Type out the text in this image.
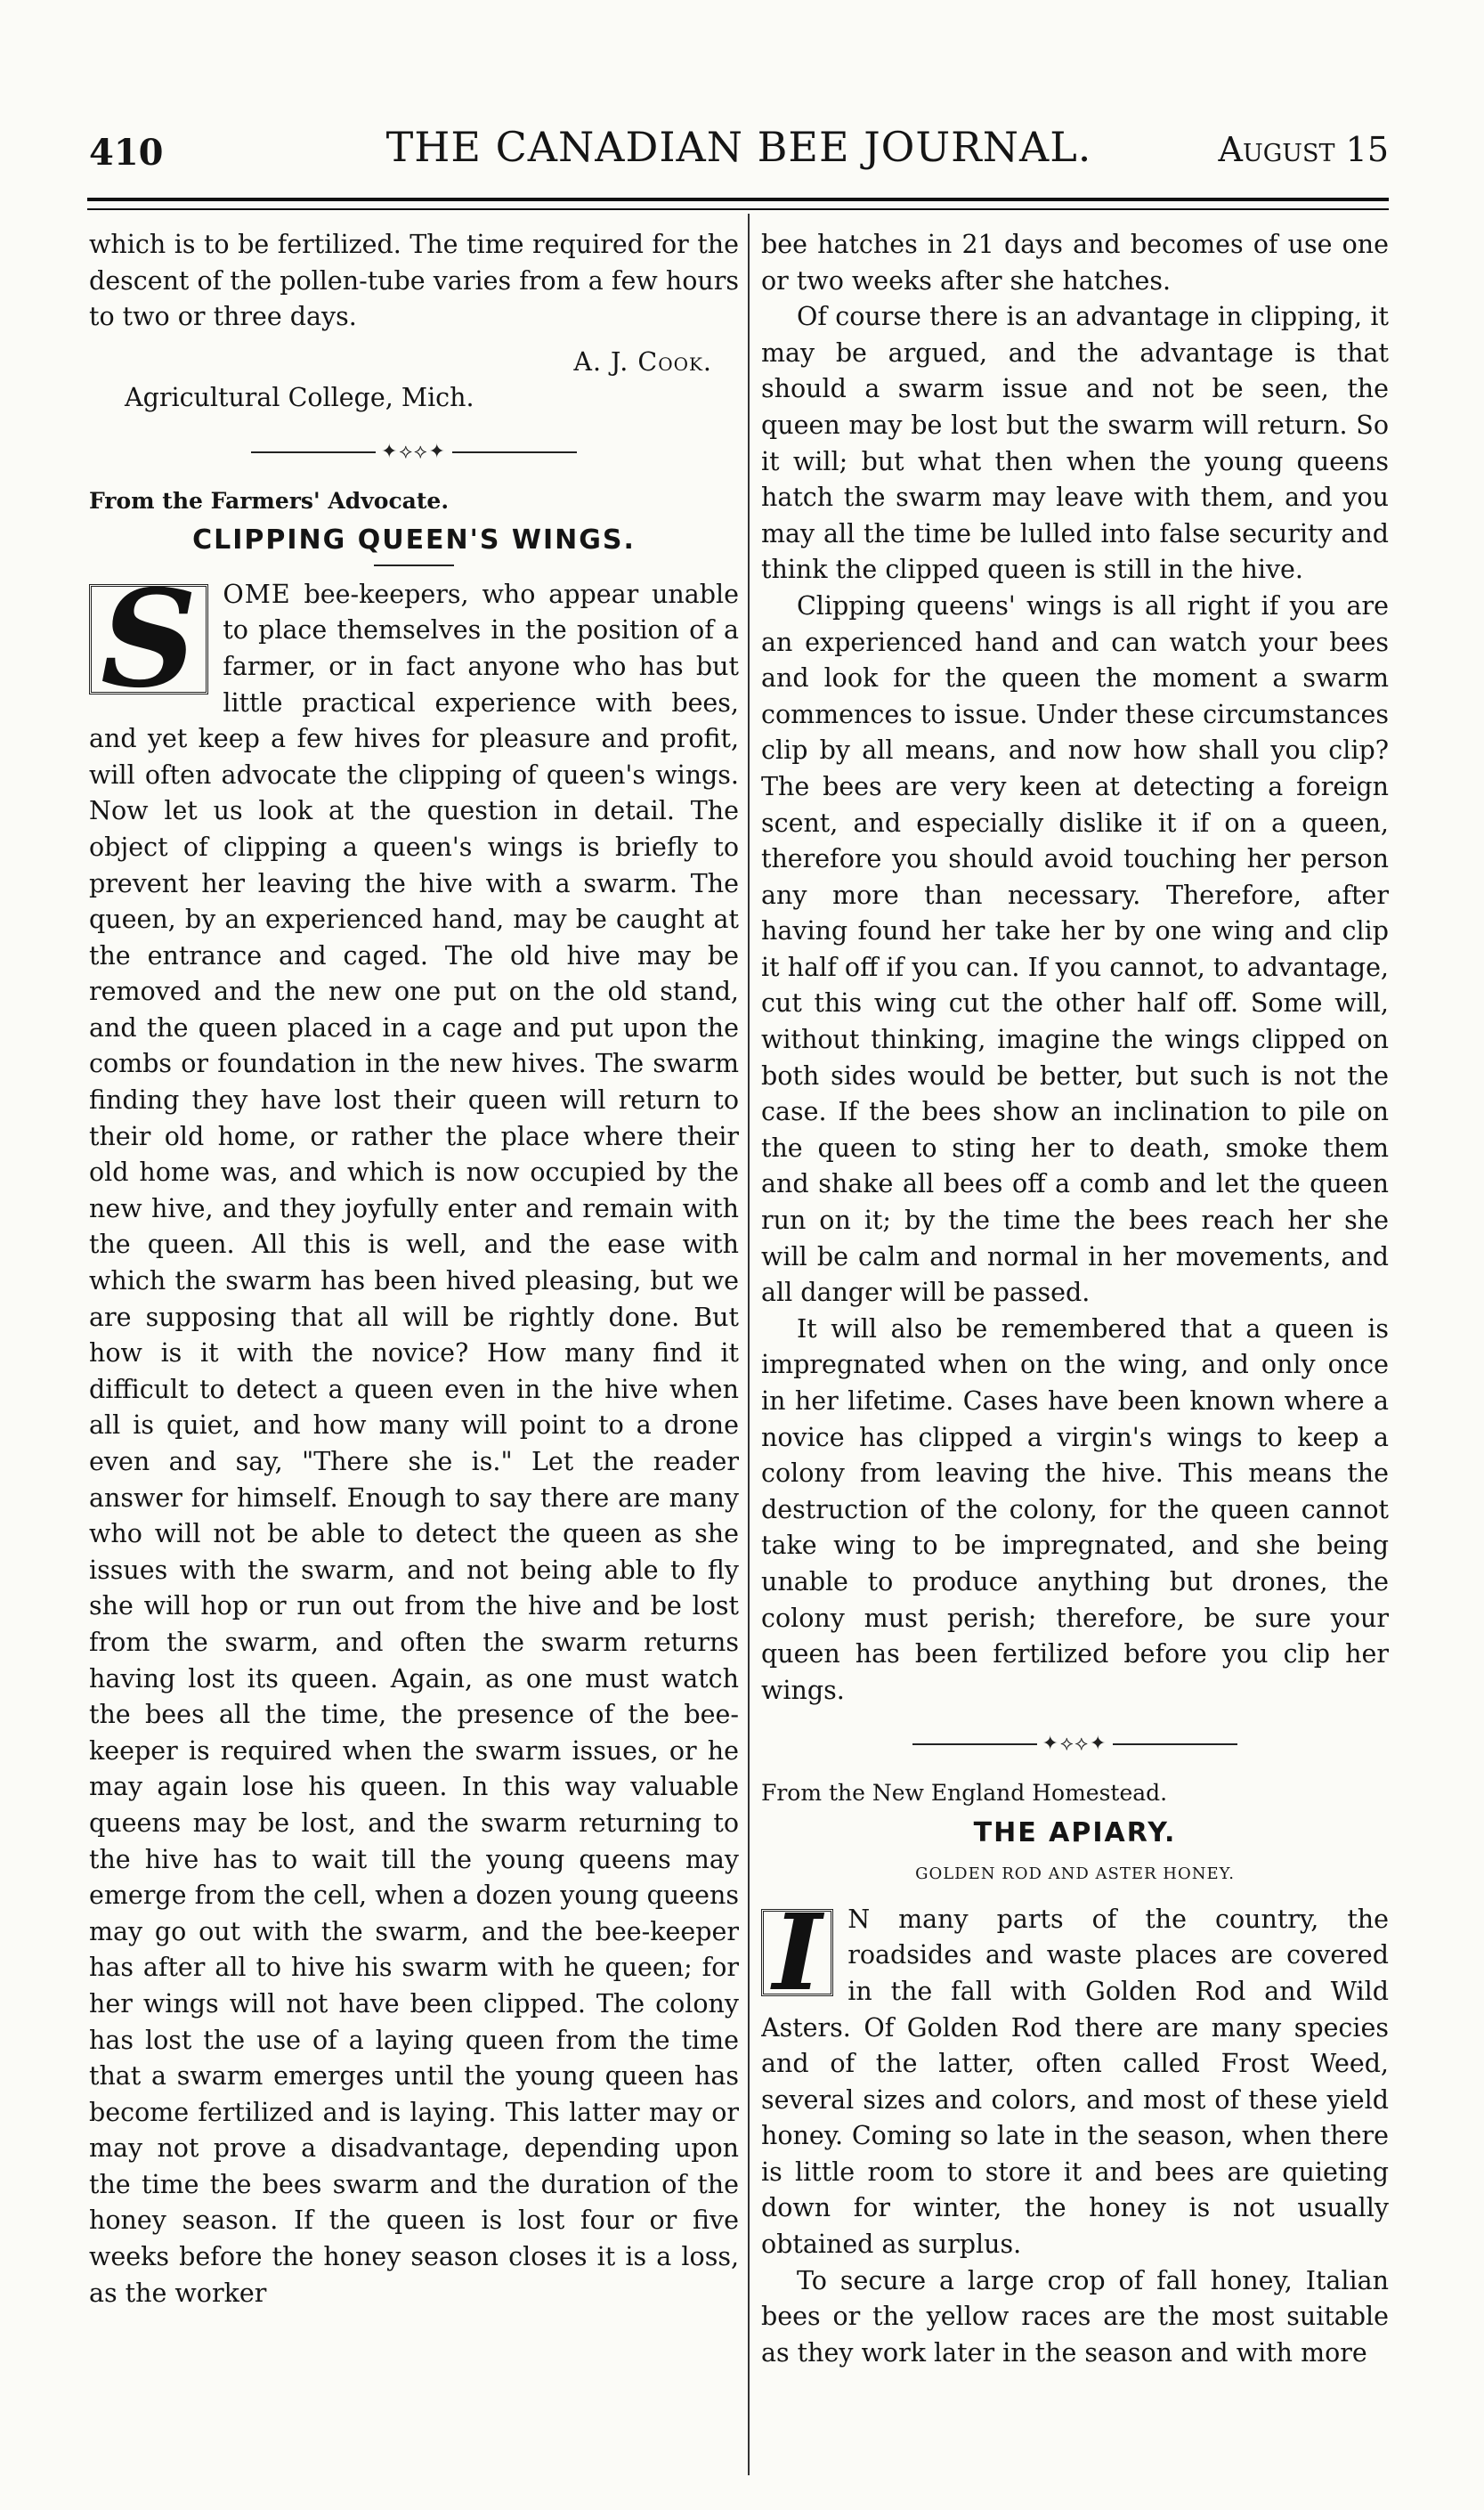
410	THE CANADIAN BEE JOURNAL.	August 15

which is to be fertilized. The time required for the descent of the pollen-tube varies from a few hours to two or three days.

A. J. Cook.

Agricultural College, Mich.

✦⟡⟡✦

From the Farmers' Advocate.

CLIPPING QUEEN'S WINGS.

S	OME bee-keepers, who appear unable to place themselves in the position of a farmer, or in fact anyone who has but little practical experience with bees, and yet keep a few hives for pleasure and profit, will often advocate the clipping of queen's wings. Now let us look at the question in detail. The object of clipping a queen's wings is briefly to prevent her leaving the hive with a swarm. The queen, by an experienced hand, may be caught at the entrance and caged. The old hive may be removed and the new one put on the old stand, and the queen placed in a cage and put upon the combs or foundation in the new hives. The swarm finding they have lost their queen will return to their old home, or rather the place where their old home was, and which is now occupied by the new hive, and they joyfully enter and remain with the queen. All this is well, and the ease with which the swarm has been hived pleasing, but we are supposing that all will be rightly done. But how is it with the novice? How many find it difficult to detect a queen even in the hive when all is quiet, and how many will point to a drone even and say, "There she is." Let the reader answer for himself. Enough to say there are many who will not be able to detect the queen as she issues with the swarm, and not being able to fly she will hop or run out from the hive and be lost from the swarm, and often the swarm returns having lost its queen. Again, as one must watch the bees all the time, the presence of the bee-keeper is required when the swarm issues, or he may again lose his queen. In this way valuable queens may be lost, and the swarm returning to the hive has to wait till the young queens may emerge from the cell, when a dozen young queens may go out with the swarm, and the bee-keeper has after all to hive his swarm with he queen; for her wings will not have been clipped. The colony has lost the use of a laying queen from the time that a swarm emerges until the young queen has become fertilized and is laying. This latter may or may not prove a disadvantage, depending upon the time the bees swarm and the duration of the honey season. If the queen is lost four or five weeks before the honey season closes it is a loss, as the worker

bee hatches in 21 days and becomes of use one or two weeks after she hatches.

Of course there is an advantage in clipping, it may be argued, and the advantage is that should a swarm issue and not be seen, the queen may be lost but the swarm will return. So it will; but what then when the young queens hatch the swarm may leave with them, and you may all the time be lulled into false security and think the clipped queen is still in the hive.

Clipping queens' wings is all right if you are an experienced hand and can watch your bees and look for the queen the moment a swarm commences to issue. Under these circumstances clip by all means, and now how shall you clip? The bees are very keen at detecting a foreign scent, and especially dislike it if on a queen, therefore you should avoid touching her person any more than necessary. Therefore, after having found her take her by one wing and clip it half off if you can. If you cannot, to advantage, cut this wing cut the other half off. Some will, without thinking, imagine the wings clipped on both sides would be better, but such is not the case. If the bees show an inclination to pile on the queen to sting her to death, smoke them and shake all bees off a comb and let the queen run on it; by the time the bees reach her she will be calm and normal in her movements, and all danger will be passed.

It will also be remembered that a queen is impregnated when on the wing, and only once in her lifetime. Cases have been known where a novice has clipped a virgin's wings to keep a colony from leaving the hive. This means the destruction of the colony, for the queen cannot take wing to be impregnated, and she being unable to produce anything but drones, the colony must perish; therefore, be sure your queen has been fertilized before you clip her wings.

✦⟡⟡✦

From the New England Homestead.

THE APIARY.

GOLDEN ROD AND ASTER HONEY.

I	N many parts of the country, the roadsides and waste places are covered in the fall with Golden Rod and Wild Asters. Of Golden Rod there are many species and of the latter, often called Frost Weed, several sizes and colors, and most of these yield honey. Coming so late in the season, when there is little room to store it and bees are quieting down for winter, the honey is not usually obtained as surplus.

To secure a large crop of fall honey, Italian bees or the yellow races are the most suitable as they work later in the season and with more
